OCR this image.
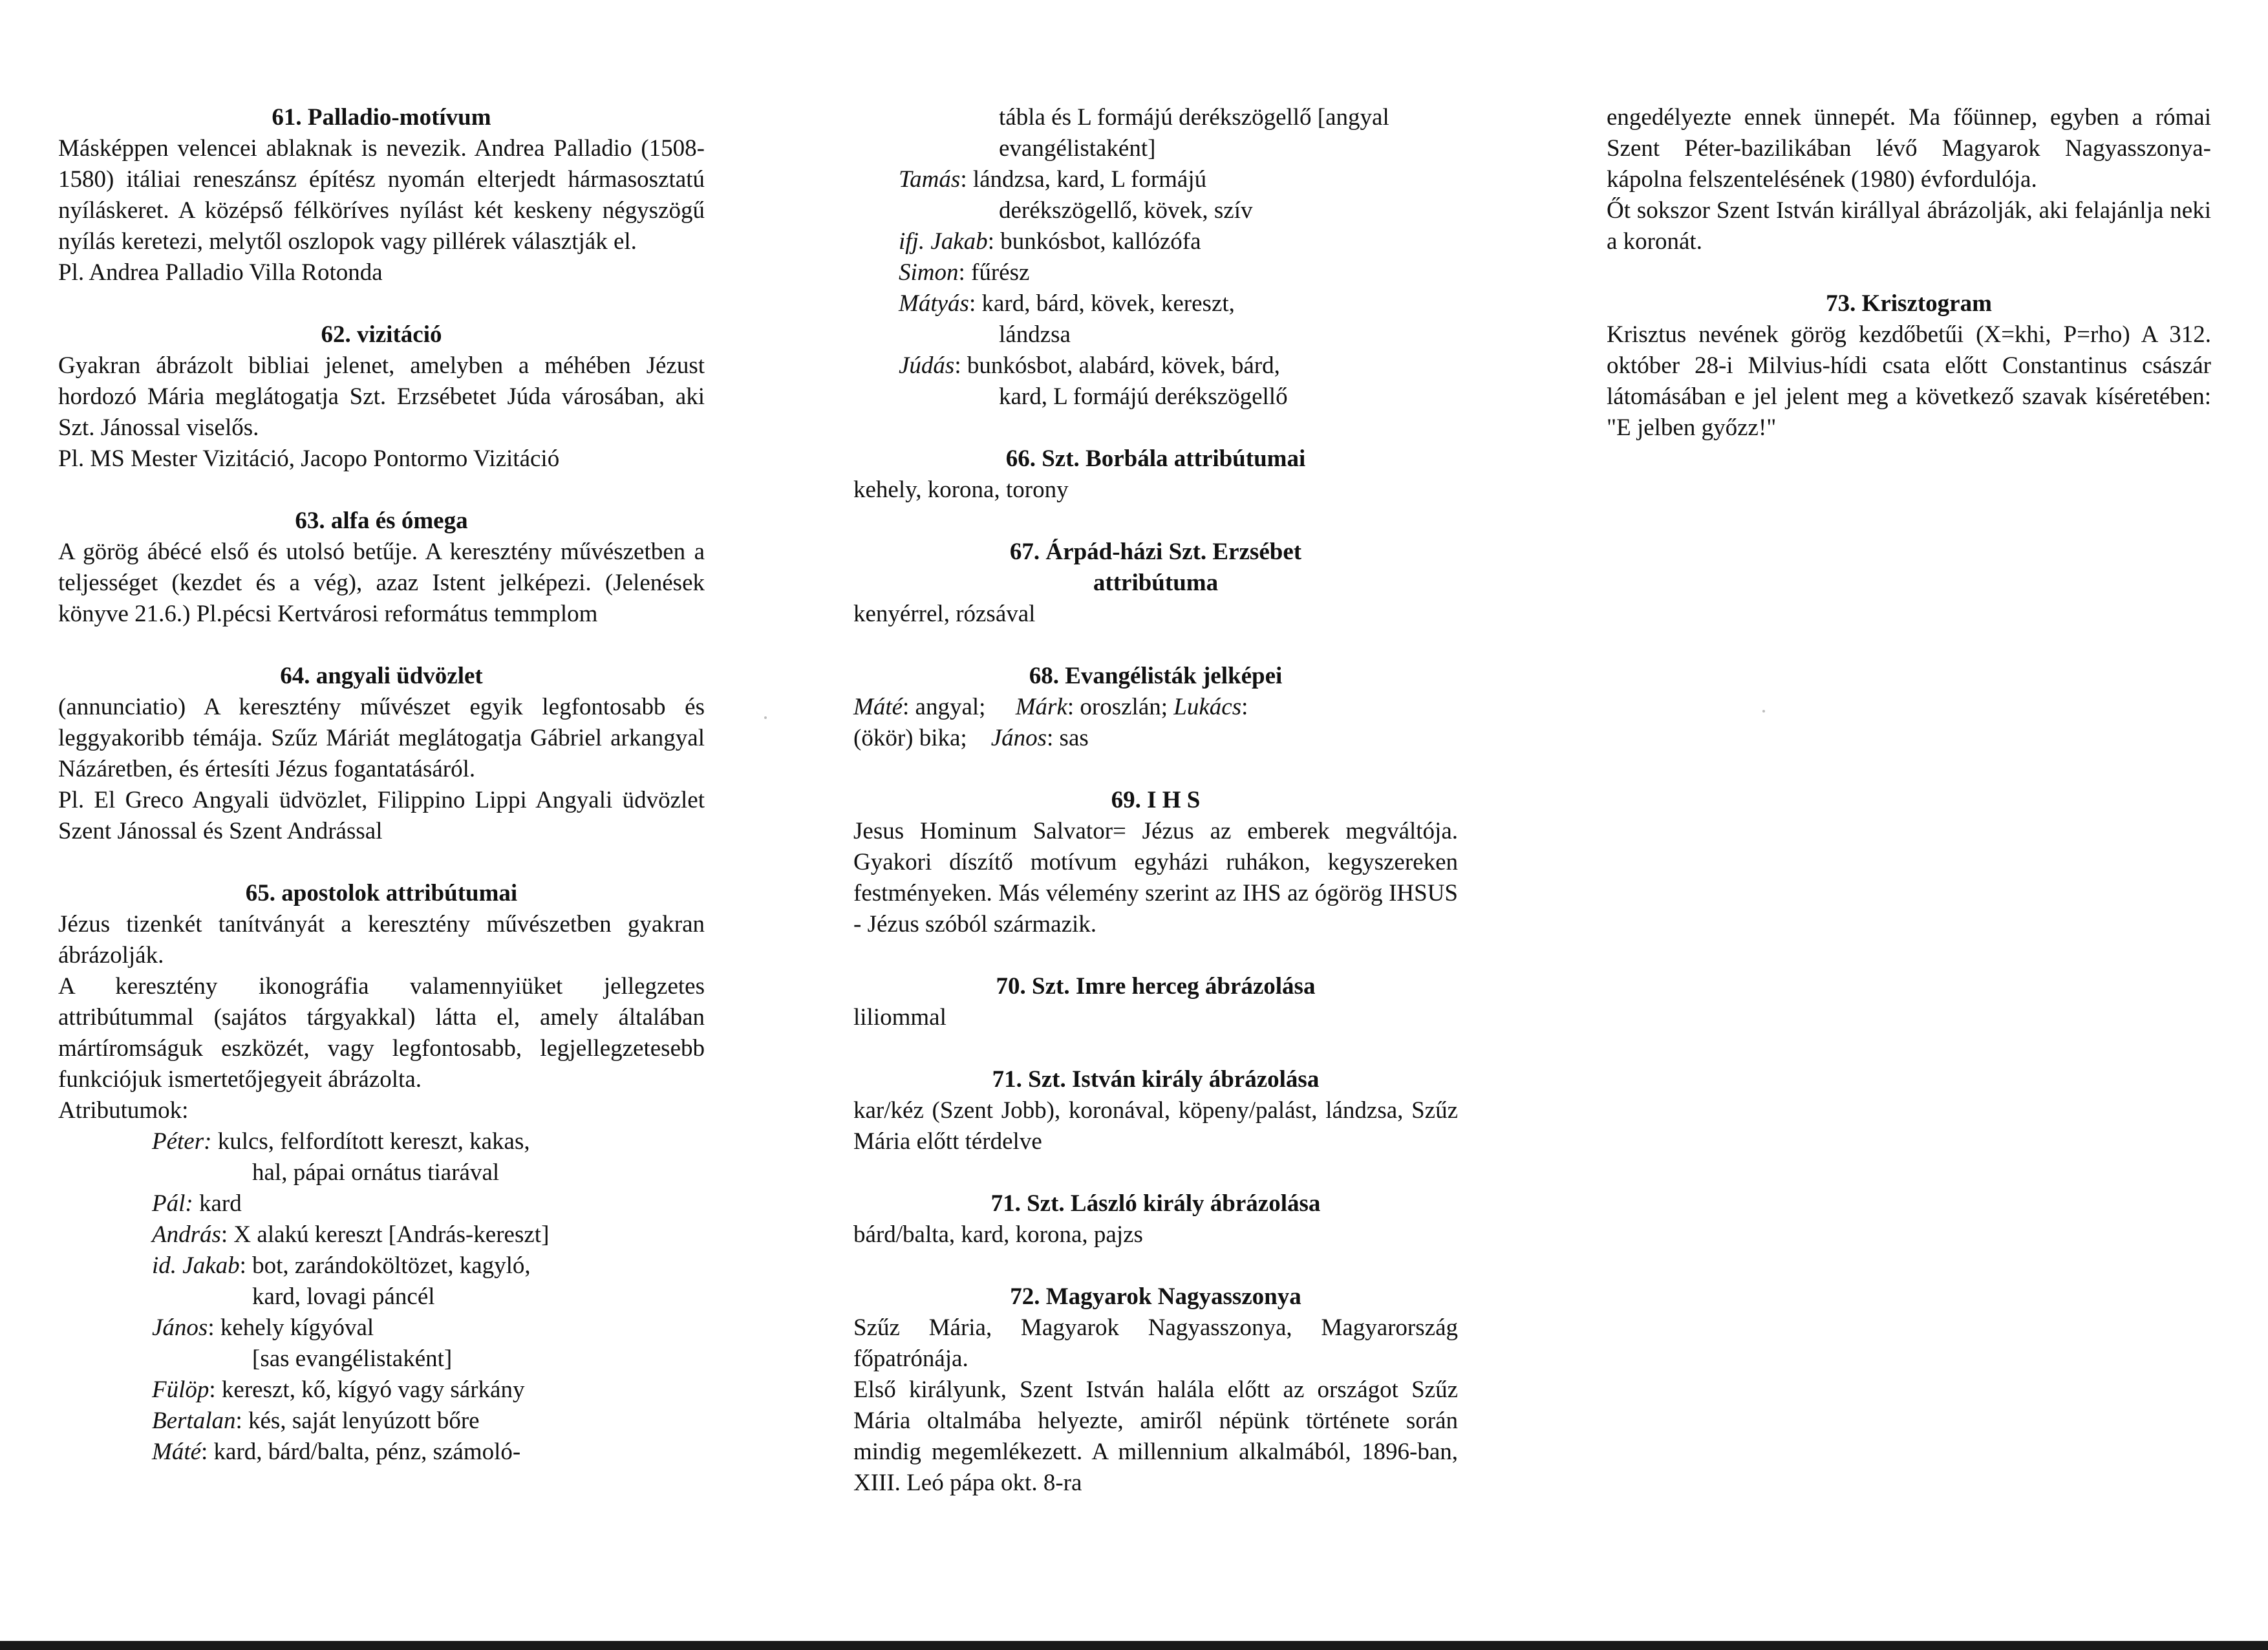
61. Palladio-motívum
Másképpen velencei ablaknak is nevezik. Andrea Palladio (1508-1580) itáliai reneszánsz építész nyomán elterjedt hármasosztatú nyíláskeret. A középső félköríves nyílást két keskeny négyszögű nyílás keretezi, melytől oszlopok vagy pillérek választják el.
Pl. Andrea Palladio Villa Rotonda
62. vizitáció
Gyakran ábrázolt bibliai jelenet, amelyben a méhében Jézust hordozó Mária meglátogatja Szt. Erzsébetet Júda városában, aki Szt. Jánossal viselős.
Pl. MS Mester Vizitáció, Jacopo Pontormo Vizitáció
63. alfa és ómega
A görög ábécé első és utolsó betűje. A keresztény művészetben a teljességet (kezdet és a vég), azaz Istent jelképezi. (Jelenések könyve 21.6.) Pl.pécsi Kertvárosi református temmplom
64. angyali üdvözlet
(annunciatio) A keresztény művészet egyik legfontosabb és leggyakoribb témája. Szűz Máriát meglátogatja Gábriel arkangyal Názáretben, és értesíti Jézus fogantatásáról.
Pl. El Greco Angyali üdvözlet, Filippino Lippi Angyali üdvözlet Szent Jánossal és Szent Andrással
65. apostolok attribútumai
Jézus tizenkét tanítványát a keresztény művészetben gyakran ábrázolják.
A keresztény ikonográfia valamennyiüket jellegzetes attribútummal (sajátos tárgyakkal) látta el, amely általában mártíromságuk eszközét, vagy legfontosabb, legjellegzetesebb funkciójuk ismertetőjegyeit ábrázolta.
Atributumok:
Péter: kulcs, felfordított kereszt, kakas,
hal, pápai ornátus tiarával
Pál: kard
András: X alakú kereszt [András-kereszt]
id. Jakab: bot, zarándoköltözet, kagyló,
kard, lovagi páncél
János: kehely kígyóval
[sas evangélistaként]
Fülöp: kereszt, kő, kígyó vagy sárkány
Bertalan: kés, saját lenyúzott bőre
Máté: kard, bárd/balta, pénz, számoló-
tábla és L formájú derékszögellő [angyal
evangélistaként]
Tamás: lándzsa, kard, L formájú
derékszögellő, kövek, szív
ifj. Jakab: bunkósbot, kallózófa
Simon: fűrész
Mátyás: kard, bárd, kövek, kereszt,
lándzsa
Júdás: bunkósbot, alabárd, kövek, bárd,
kard, L formájú derékszögellő
66. Szt. Borbála attribútumai
kehely, korona, torony
67. Árpád-házi Szt. Erzsébet
attribútuma
kenyérrel, rózsával
68. Evangélisták jelképei
Máté: angyal;     Márk: oroszlán; Lukács:
(ökör) bika;    János: sas
69. I H S
Jesus Hominum Salvator= Jézus az emberek megváltója. Gyakori díszítő motívum egyházi ruhákon, kegyszereken festményeken. Más vélemény szerint az IHS az ógörög IHSUS - Jézus szóból származik.
70. Szt. Imre herceg ábrázolása
liliommal
71. Szt. István király ábrázolása
kar/kéz (Szent Jobb), koronával, köpeny/palást, lándzsa, Szűz Mária előtt térdelve
71. Szt. László király ábrázolása
bárd/balta, kard, korona, pajzs
72. Magyarok Nagyasszonya
Szűz Mária, Magyarok Nagyasszonya, Magyarország főpatrónája.
Első királyunk, Szent István halála előtt az országot Szűz Mária oltalmába helyezte, amiről népünk története során mindig megemlékezett. A millennium alkalmából, 1896-ban, XIII. Leó pápa okt. 8-ra
engedélyezte ennek ünnepét. Ma főünnep, egyben a római Szent Péter-bazilikában lévő Magyarok Nagyasszonya-kápolna felszentelésének (1980) évfordulója.
Őt sokszor Szent István királlyal ábrázolják, aki felajánlja neki a koronát.
73. Krisztogram
Krisztus nevének görög kezdőbetűi (X=khi, P=rho) A 312. október 28-i Milvius-hídi csata előtt Constantinus császár látomásában e jel jelent meg a következő szavak kíséretében: "E jelben győzz!"
